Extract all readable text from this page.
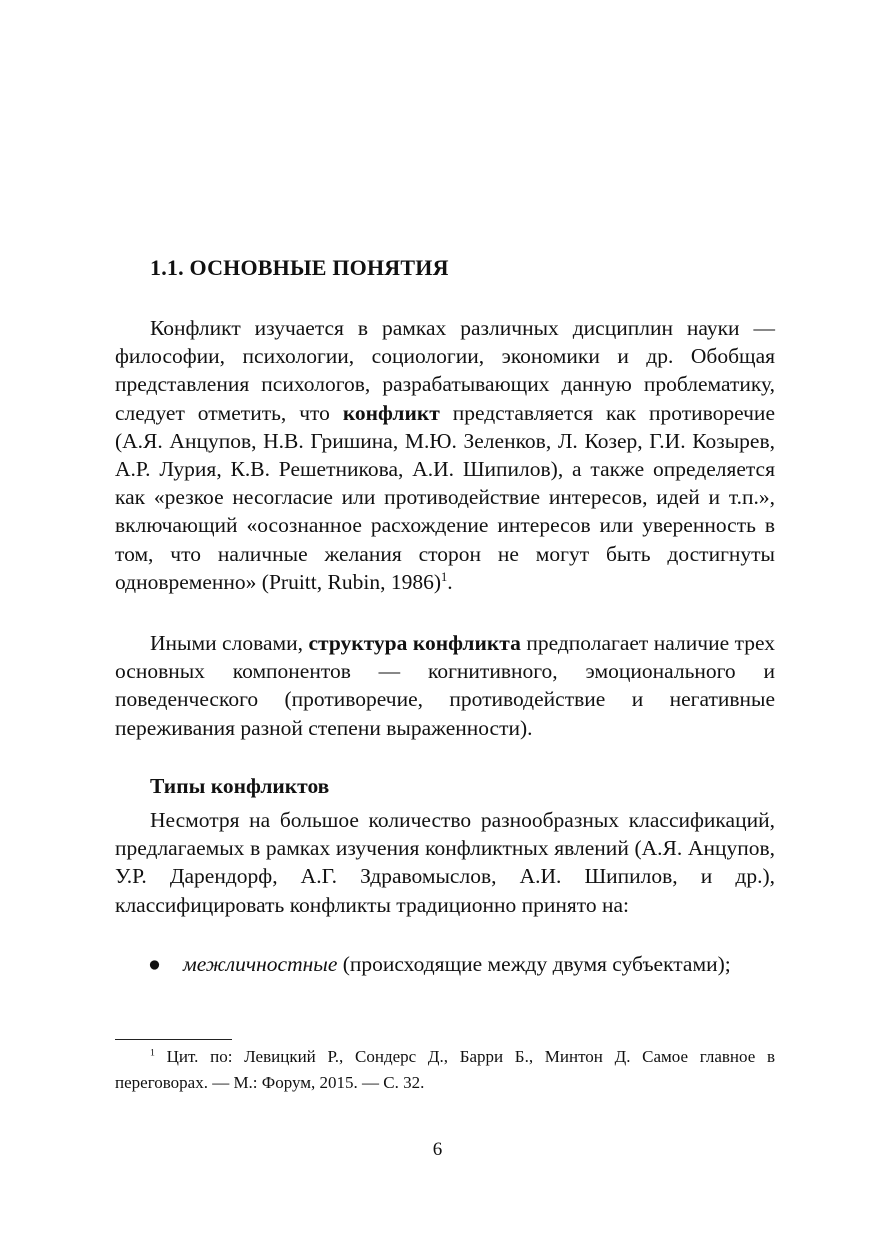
1.1. ОСНОВНЫЕ ПОНЯТИЯ

Конфликт изучается в рамках различных дисциплин науки — философии, психологии, социологии, экономики и др. Обобщая представления психологов, разрабатывающих данную проблематику, следует отметить, что конфликт представляется как противоречие (А.Я. Анцупов, Н.В. Гришина, М.Ю. Зеленков, Л. Козер, Г.И. Козырев, А.Р. Лурия, К.В. Решетникова, А.И. Шипилов), а также определяется как «резкое несогласие или противодействие интересов, идей и т.п.», включающий «осознанное расхождение интересов или уверенность в том, что наличные желания сторон не могут быть достигнуты одновременно» (Pruitt, Rubin, 1986)$^1$.

Иными словами, структура конфликта предполагает наличие трех основных компонентов — когнитивного, эмоционального и поведенческого (противоречие, противодействие и негативные переживания разной степени выраженности).

Типы конфликтов

Несмотря на большое количество разнообразных классификаций, предлагаемых в рамках изучения конфликтных явлений (А.Я. Анцупов, У.Р. Дарендорф, А.Г. Здравомыслов, А.И. Шипилов, и др.), классифицировать конфликты традиционно принято на:

● межличностные (происходящие между двумя субъектами);

$^1$ Цит. по: Левицкий Р., Сондерс Д., Барри Б., Минтон Д. Самое главное в переговорах. — М.: Форум, 2015. — С. 32.

6
